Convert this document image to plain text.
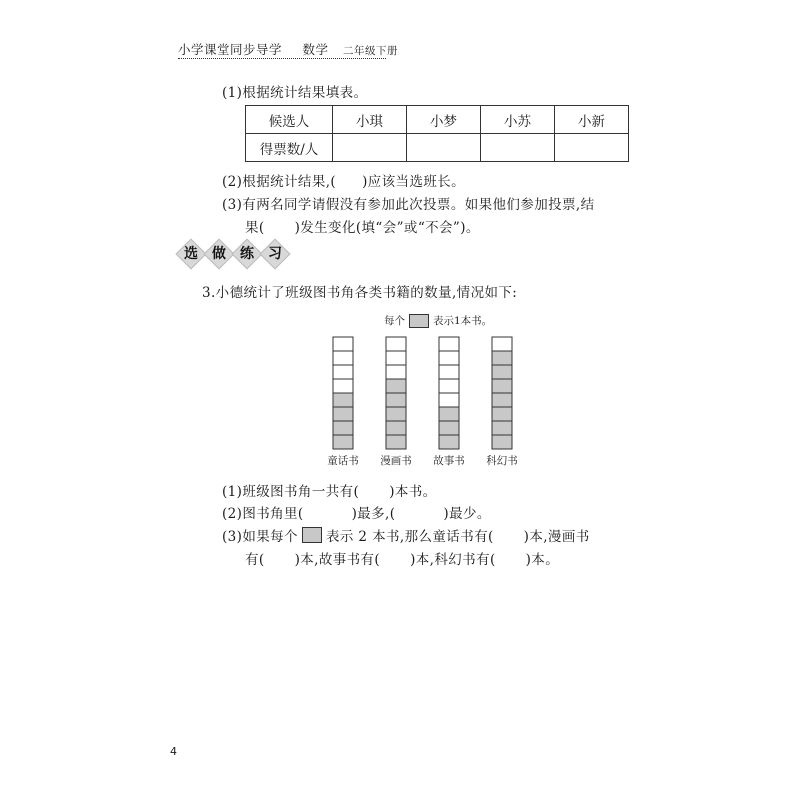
小学课堂同步导学 数学 二年级下册
(1)根据统计结果填表。
候选人	小琪	小梦	小苏	小新
得票数/人				
(2)根据统计结果,( )应该当选班长。
(3)有两名同学请假没有参加此次投票。如果他们参加投票,结
果( )发生变化(填“会”或“不会”)。
选 做 练 习
3.小德统计了班级图书角各类书籍的数量,情况如下:
每个	表示1本书。
童话书 漫画书 故事书 科幻书
(1)班级图书角一共有( )本书。
(2)图书角里(	)最多,(	)最少。
(3)如果每个 表示 2 本书,那么童话书有( )本,漫画书
有( )本,故事书有( )本,科幻书有( )本。
4
